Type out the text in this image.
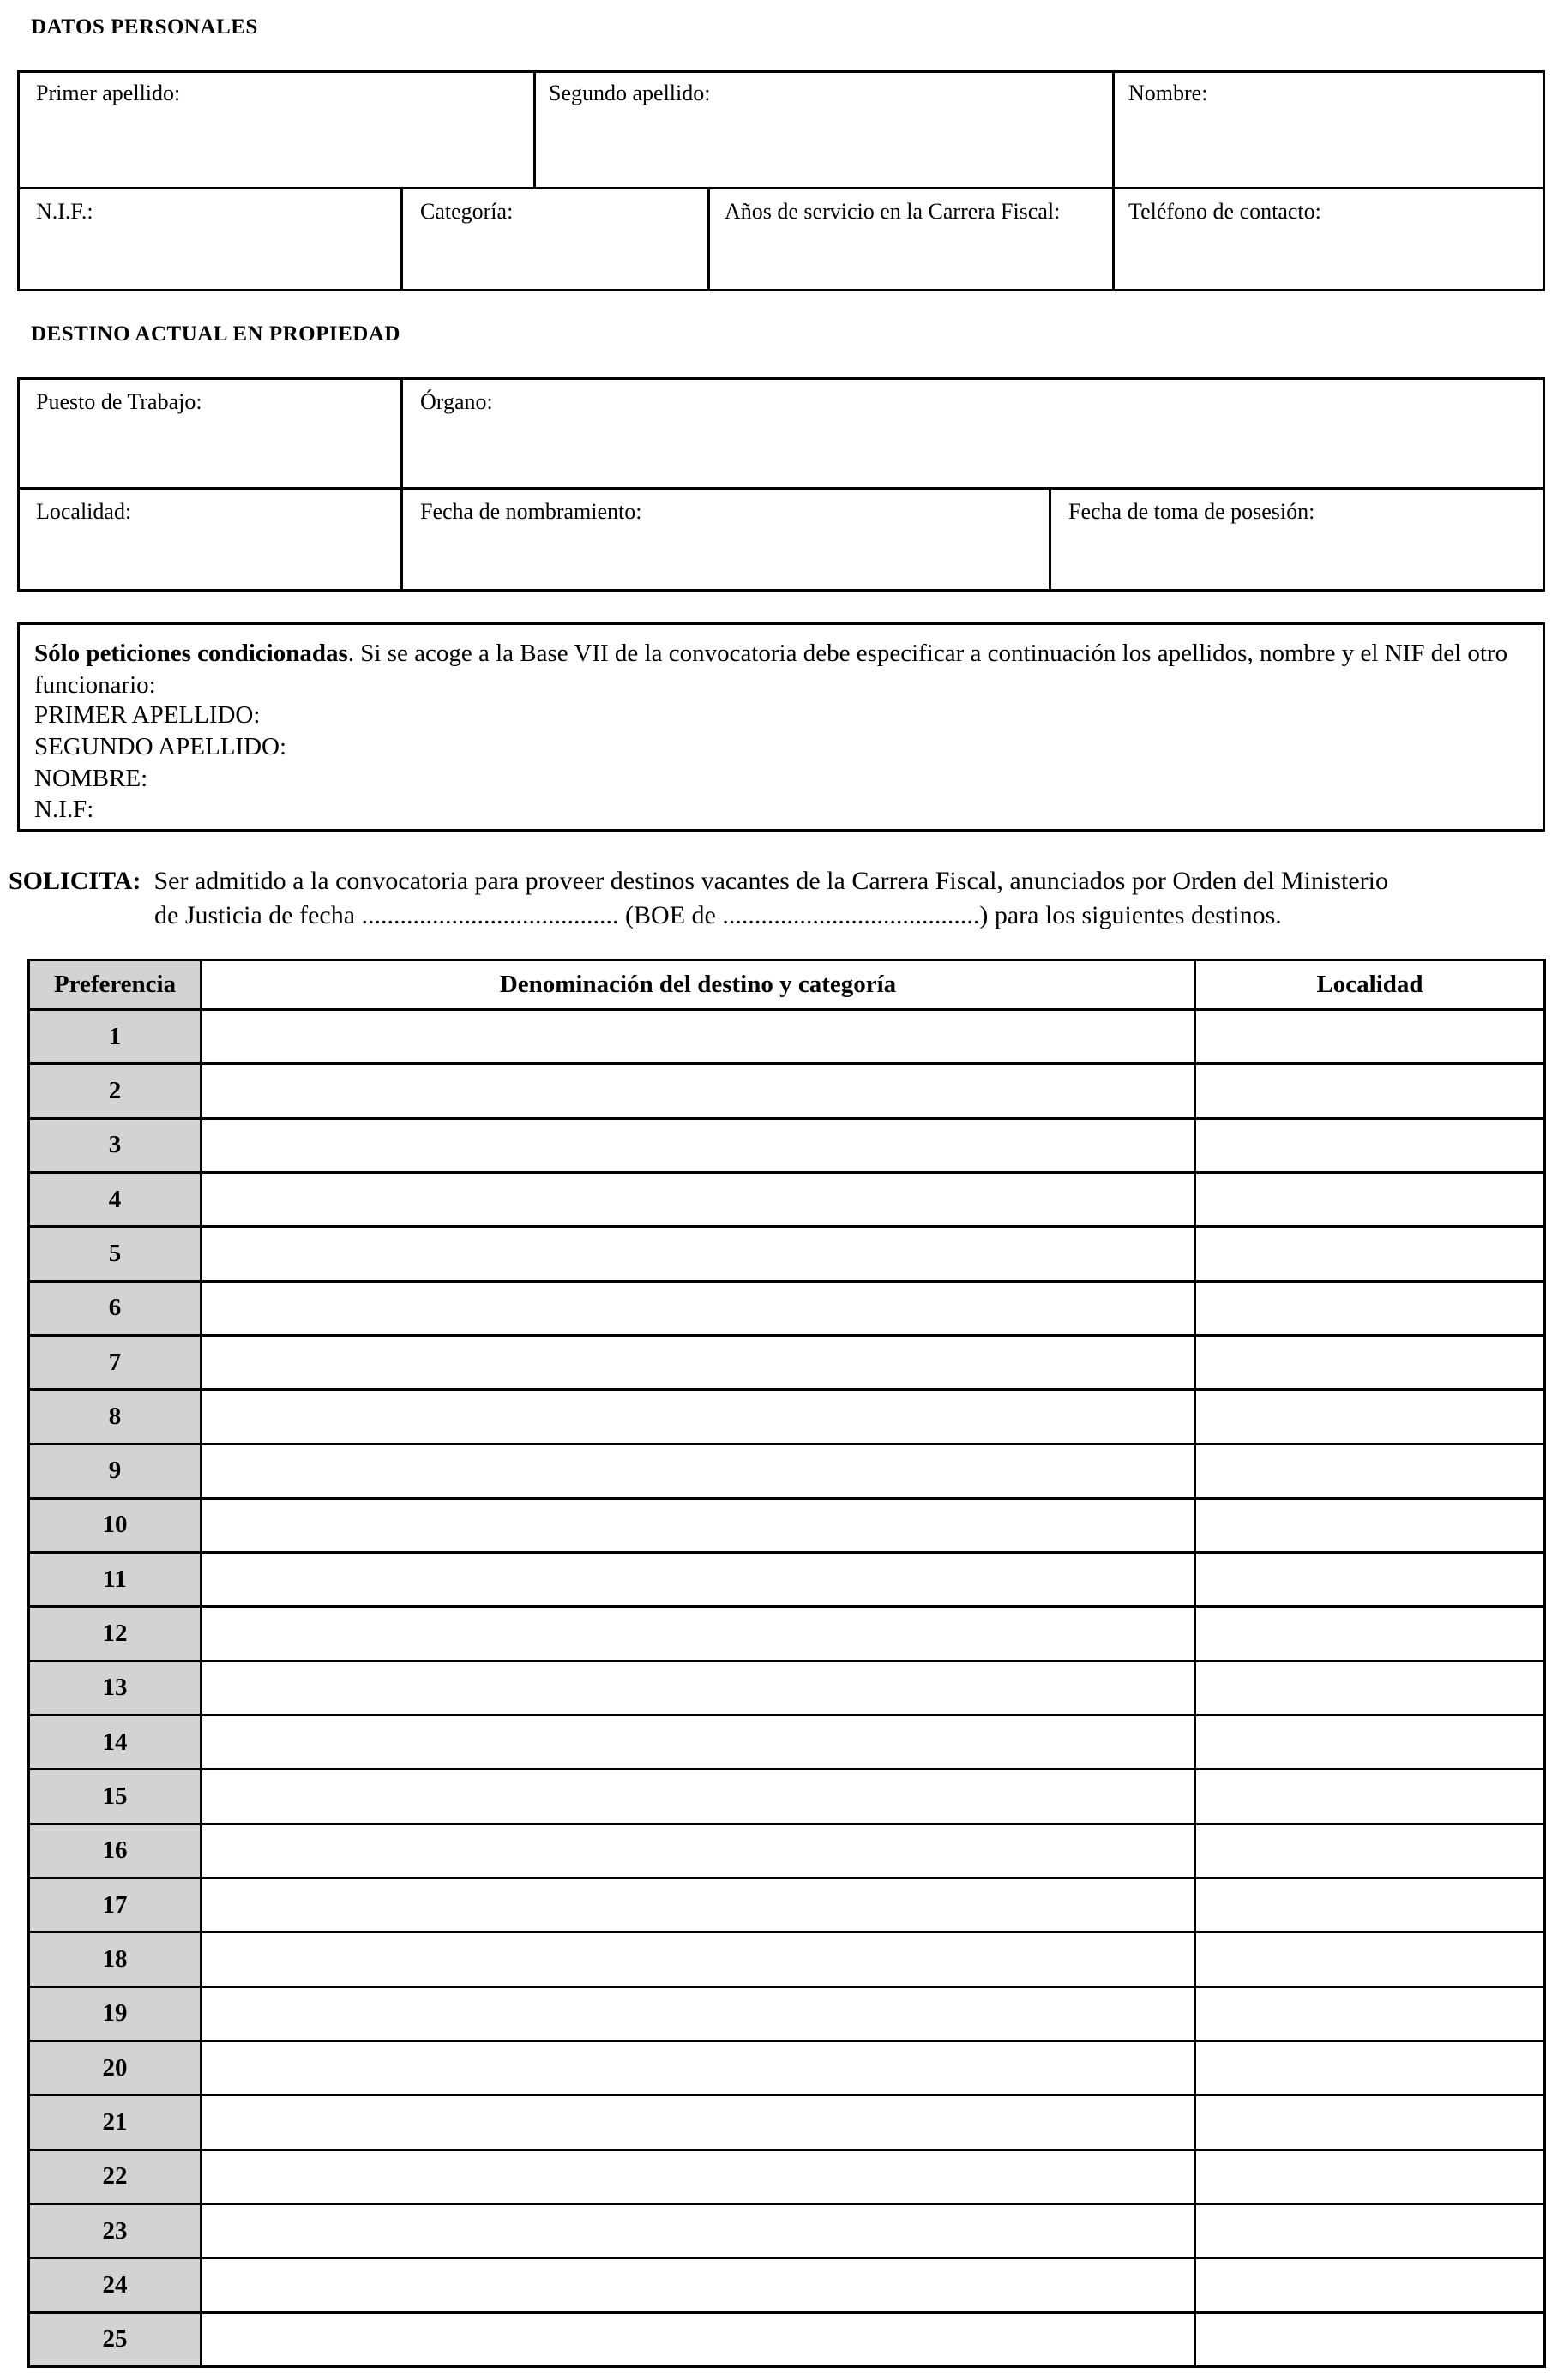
DATOS PERSONALES
Primer apellido:	Segundo apellido:	Nombre:
N.I.F.:	Categoría:	Años de servicio en la Carrera Fiscal:	Teléfono de contacto:
DESTINO ACTUAL EN PROPIEDAD
Puesto de Trabajo:	Órgano:
Localidad:	Fecha de nombramiento:	Fecha de toma de posesión:
Sólo peticiones condicionadas. Si se acoge a la Base VII de la convocatoria debe especificar a continuación los apellidos, nombre y el NIF del otro funcionario:
PRIMER APELLIDO:
SEGUNDO APELLIDO:
NOMBRE:
N.I.F:
SOLICITA: Ser admitido a la convocatoria para proveer destinos vacantes de la Carrera Fiscal, anunciados por Orden del Ministerio
de Justicia de fecha ........................................ (BOE de ........................................) para los siguientes destinos.
Preferencia	Denominación del destino y categoría	Localidad
1		
2		
3		
4		
5		
6		
7		
8		
9		
10		
11		
12		
13		
14		
15		
16		
17		
18		
19		
20		
21		
22		
23		
24		
25		
